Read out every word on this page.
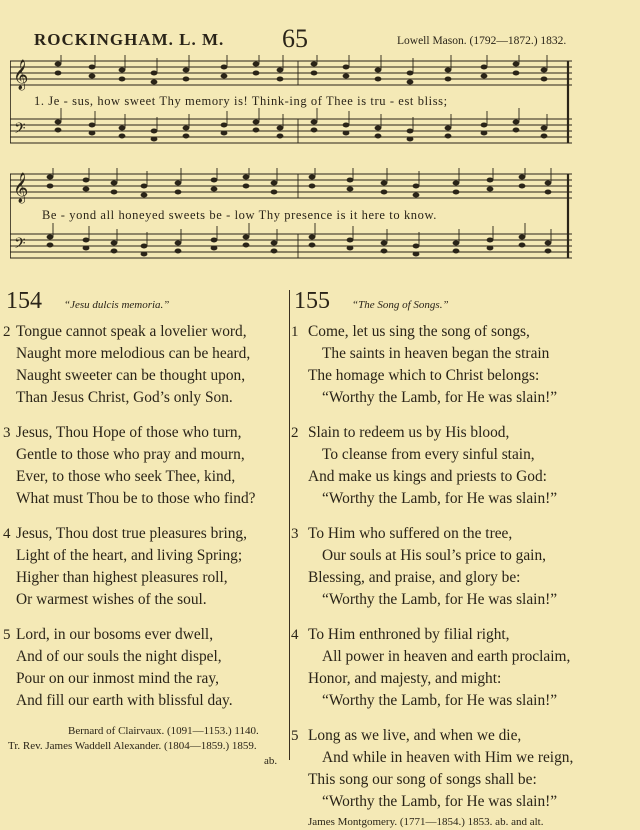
ROCKINGHAM. L. M. 65	Lowell Mason. (1792—1872.) 1832.
𝄞
𝄢
1. Je - sus, how sweet Thy memory is! Think-ing of Thee is tru - est bliss;
𝄞
𝄢
Be - yond all honeyed sweets be - low Thy presence is it here to know.
154 “Jesu dulcis memoria.”
2 Tongue cannot speak a lovelier word,
Naught more melodious can be heard,
Naught sweeter can be thought upon,
Than Jesus Christ, God’s only Son.
3 Jesus, Thou Hope of those who turn,
Gentle to those who pray and mourn,
Ever, to those who seek Thee, kind,
What must Thou be to those who find?
4 Jesus, Thou dost true pleasures bring,
Light of the heart, and living Spring;
Higher than highest pleasures roll,
Or warmest wishes of the soul.
5 Lord, in our bosoms ever dwell,
And of our souls the night dispel,
Pour on our inmost mind the ray,
And fill our earth with blissful day.
Bernard of Clairvaux. (1091—1153.) 1140.
Tr. Rev. James Waddell Alexander. (1804—1859.) 1859.
ab.
155 “The Song of Songs.”
1 Come, let us sing the song of songs,
The saints in heaven began the strain
The homage which to Christ belongs:
“Worthy the Lamb, for He was slain!”
2 Slain to redeem us by His blood,
To cleanse from every sinful stain,
And make us kings and priests to God:
“Worthy the Lamb, for He was slain!”
3 To Him who suffered on the tree,
Our souls at His soul’s price to gain,
Blessing, and praise, and glory be:
“Worthy the Lamb, for He was slain!”
4 To Him enthroned by filial right,
All power in heaven and earth proclaim,
Honor, and majesty, and might:
“Worthy the Lamb, for He was slain!”
5 Long as we live, and when we die,
And while in heaven with Him we reign,
This song our song of songs shall be:
“Worthy the Lamb, for He was slain!”
James Montgomery. (1771—1854.) 1853. ab. and alt.
